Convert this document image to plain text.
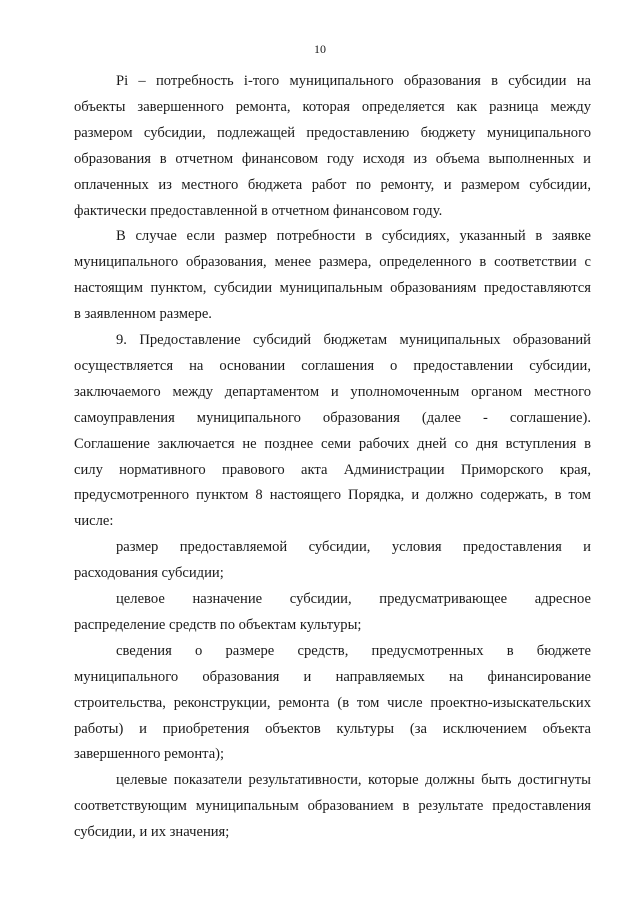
10
Pi – потребность i-того муниципального образования в субсидии на
объекты завершенного ремонта, которая определяется как разница между
размером субсидии, подлежащей предоставлению бюджету муниципального
образования в отчетном финансовом году исходя из объема выполненных и
оплаченных из местного бюджета работ по ремонту, и размером субсидии,
фактически предоставленной в отчетном финансовом году.
В случае если размер потребности в субсидиях, указанный в заявке
муниципального образования, менее размера, определенного в соответствии с
настоящим пунктом, субсидии муниципальным образованиям предоставляются
в заявленном размере.
9. Предоставление субсидий бюджетам муниципальных образований
осуществляется на основании соглашения о предоставлении субсидии,
заключаемого между департаментом и уполномоченным органом местного
самоуправления муниципального образования (далее - соглашение).
Соглашение заключается не позднее семи рабочих дней со дня вступления в
силу нормативного правового акта Администрации Приморского края,
предусмотренного пунктом 8 настоящего Порядка, и должно содержать, в том
числе:
размер предоставляемой субсидии, условия предоставления и
расходования субсидии;
целевое назначение субсидии, предусматривающее адресное
распределение средств по объектам культуры;
сведения о размере средств, предусмотренных в бюджете
муниципального образования и направляемых на финансирование
строительства, реконструкции, ремонта (в том числе проектно-изыскательских
работы) и приобретения объектов культуры (за исключением объекта
завершенного ремонта);
целевые показатели результативности, которые должны быть достигнуты
соответствующим муниципальным образованием в результате предоставления
субсидии, и их значения;
